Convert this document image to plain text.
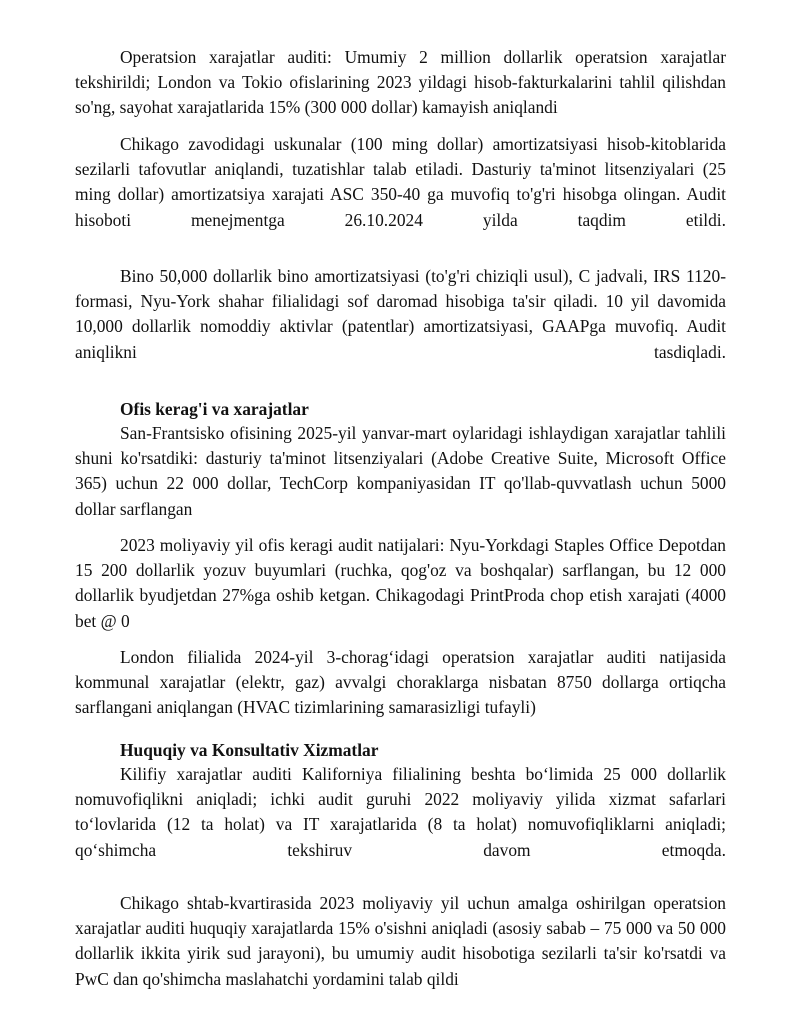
Operatsion xarajatlar auditi: Umumiy 2 million dollarlik operatsion xarajatlar tekshirildi; London va Tokio ofislarining 2023 yildagi hisob-fakturkalarini tahlil qilishdan so'ng, sayohat xarajatlarida 15% (300 000 dollar) kamayish aniqlandi

Chikago zavodidagi uskunalar (100 ming dollar) amortizatsiyasi hisob-kitoblarida sezilarli tafovutlar aniqlandi, tuzatishlar talab etiladi. Dasturiy ta'minot litsenziyalari (25 ming dollar) amortizatsiya xarajati ASC 350-40 ga muvofiq to'g'ri hisobga olingan. Audit hisoboti menejmentga 26.10.2024 yilda taqdim etildi.

Bino 50,000 dollarlik bino amortizatsiyasi (to'g'ri chiziqli usul), C jadvali, IRS 1120-formasi, Nyu-York shahar filialidagi sof daromad hisobiga ta'sir qiladi. 10 yil davomida 10,000 dollarlik nomoddiy aktivlar (patentlar) amortizatsiyasi, GAAPga muvofiq. Audit aniqlikni tasdiqladi.

Ofis kerag'i va xarajatlar

San-Frantsisko ofisining 2025-yil yanvar-mart oylaridagi ishlaydigan xarajatlar tahlili shuni ko'rsatdiki: dasturiy ta'minot litsenziyalari (Adobe Creative Suite, Microsoft Office 365) uchun 22 000 dollar, TechCorp kompaniyasidan IT qo'llab-quvvatlash uchun 5000 dollar sarflangan

2023 moliyaviy yil ofis keragi audit natijalari: Nyu-Yorkdagi Staples Office Depotdan 15 200 dollarlik yozuv buyumlari (ruchka, qog'oz va boshqalar) sarflangan, bu 12 000 dollarlik byudjetdan 27%ga oshib ketgan. Chikagodagi PrintProda chop etish xarajati (4000 bet @ 0

London filialida 2024-yil 3-chorag‘idagi operatsion xarajatlar auditi natijasida kommunal xarajatlar (elektr, gaz) avvalgi choraklarga nisbatan 8750 dollarga ortiqcha sarflangani aniqlangan (HVAC tizimlarining samarasizligi tufayli)

Huquqiy va Konsultativ Xizmatlar

Kilifiy xarajatlar auditi Kaliforniya filialining beshta bo‘limida 25 000 dollarlik nomuvofiqlikni aniqladi; ichki audit guruhi 2022 moliyaviy yilida xizmat safarlari to‘lovlarida (12 ta holat) va IT xarajatlarida (8 ta holat) nomuvofiqliklarni aniqladi; qo‘shimcha tekshiruv davom etmoqda.

Chikago shtab-kvartirasida 2023 moliyaviy yil uchun amalga oshirilgan operatsion xarajatlar auditi huquqiy xarajatlarda 15% o'sishni aniqladi (asosiy sabab – 75 000 va 50 000 dollarlik ikkita yirik sud jarayoni), bu umumiy audit hisobotiga sezilarli ta'sir ko'rsatdi va PwC dan qo'shimcha maslahatchi yordamini talab qildi
